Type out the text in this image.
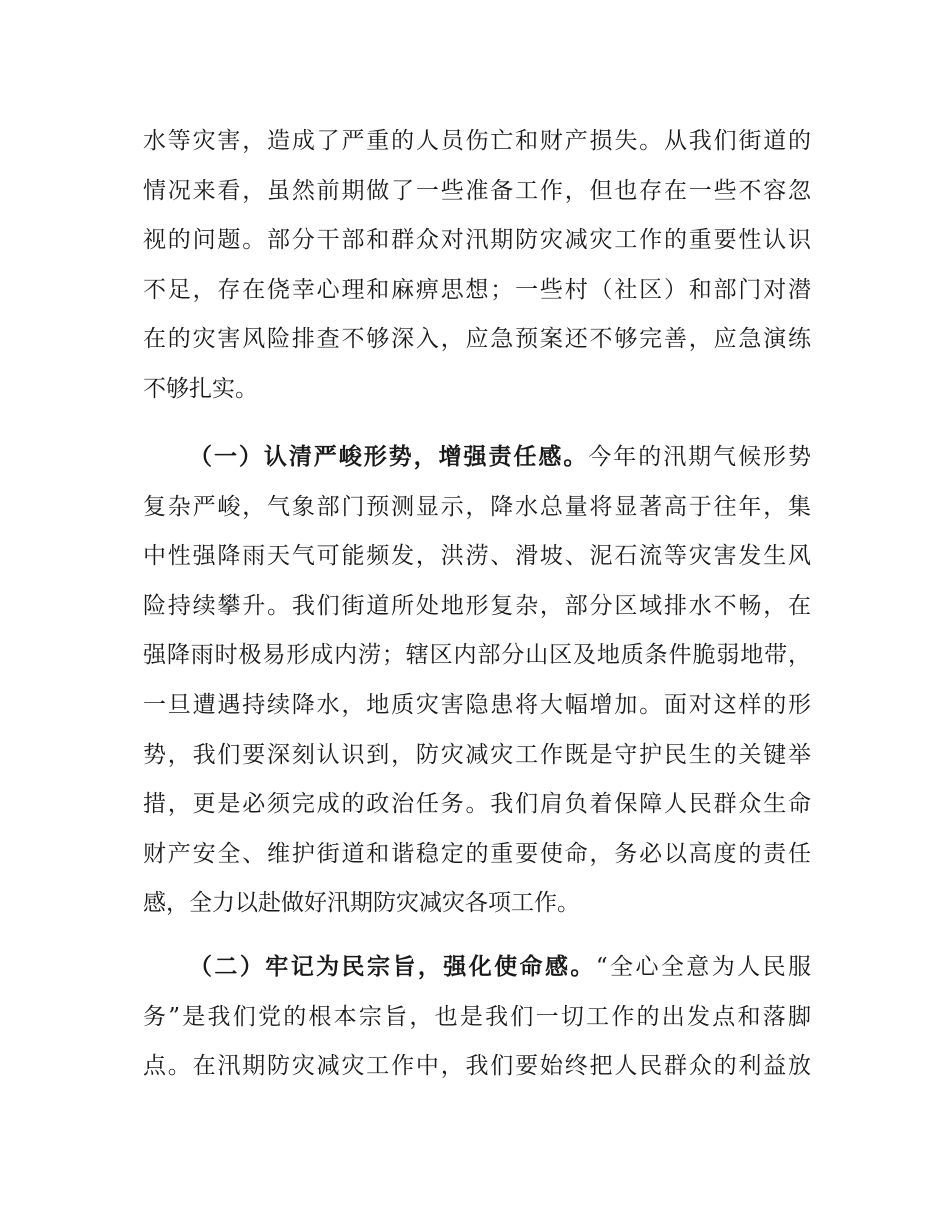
水等灾害，造成了严重的人员伤亡和财产损失。从我们街道的
情况来看，虽然前期做了一些准备工作，但也存在一些不容忽
视的问题。部分干部和群众对汛期防灾减灾工作的重要性认识
不足，存在侥幸心理和麻痹思想；一些村（社区）和部门对潜
在的灾害风险排查不够深入，应急预案还不够完善，应急演练
不够扎实。
（一）认清严峻形势，增强责任感。今年的汛期气候形势
复杂严峻，气象部门预测显示，降水总量将显著高于往年，集
中性强降雨天气可能频发，洪涝、滑坡、泥石流等灾害发生风
险持续攀升。我们街道所处地形复杂，部分区域排水不畅，在
强降雨时极易形成内涝；辖区内部分山区及地质条件脆弱地带，
一旦遭遇持续降水，地质灾害隐患将大幅增加。面对这样的形
势，我们要深刻认识到，防灾减灾工作既是守护民生的关键举
措，更是必须完成的政治任务。我们肩负着保障人民群众生命
财产安全、维护街道和谐稳定的重要使命，务必以高度的责任
感，全力以赴做好汛期防灾减灾各项工作。
（二）牢记为民宗旨，强化使命感。“全心全意为人民服
务”是我们党的根本宗旨，也是我们一切工作的出发点和落脚
点。在汛期防灾减灾工作中，我们要始终把人民群众的利益放
